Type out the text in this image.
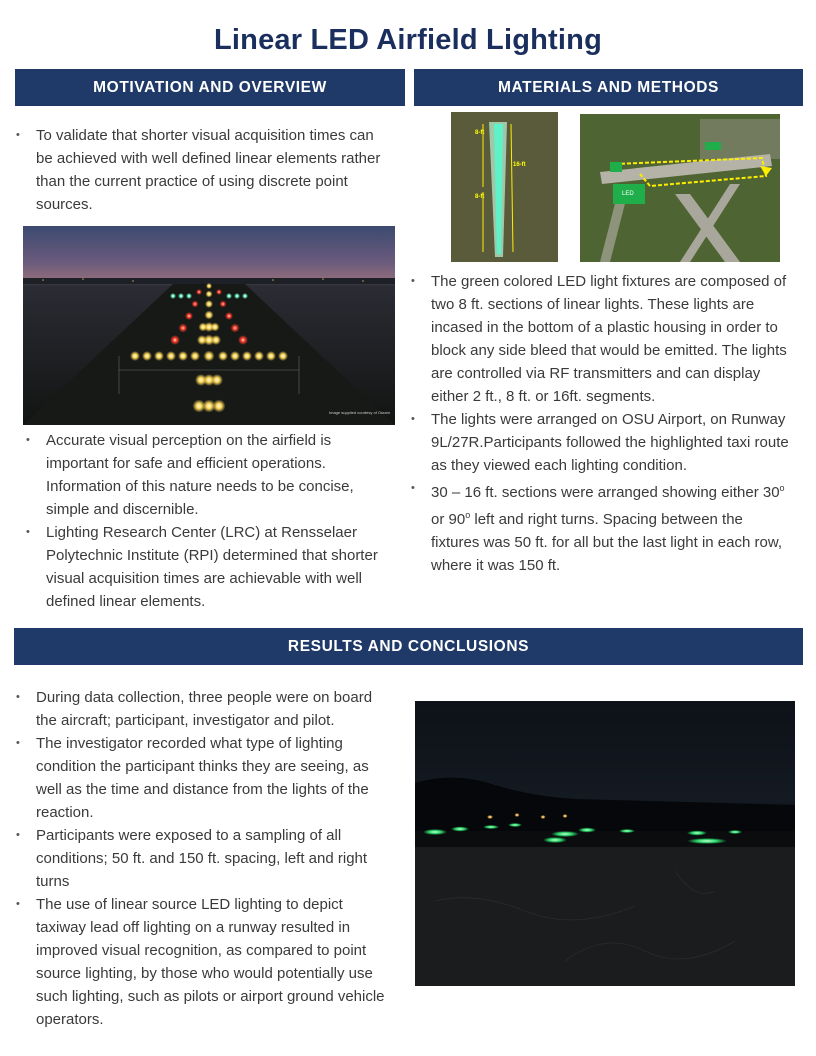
Linear LED Airfield Lighting
MOTIVATION AND OVERVIEW	MATERIALS AND METHODS
• To validate that shorter visual acquisition times can be achieved with well defined linear elements rather than the current practice of using discrete point sources.
Image supplied courtesy of Osram
• Accurate visual perception on the airfield is important for safe and efficient operations. Information of this nature needs to be concise, simple and discernible.
• Lighting Research Center (LRC) at Rensselaer Polytechnic Institute (RPI) determined that shorter visual acquisition times are achievable with well defined linear elements.
8-ft
16-ft
8-ft	LED
• The green colored LED light fixtures are composed of two 8 ft. sections of linear lights. These lights are incased in the bottom of a plastic housing in order to block any side bleed that would be emitted. The lights are controlled via RF transmitters and can display either 2 ft., 8 ft. or 16ft. segments.
• The lights were arranged on OSU Airport, on Runway 9L/27R.Participants followed the highlighted taxi route as they viewed each lighting condition.
• 30 – 16 ft. sections were arranged showing either 30$^o$ or 90$^o$ left and right turns. Spacing between the fixtures was 50 ft. for all but the last light in each row, where it was 150 ft.
RESULTS AND CONCLUSIONS
• During data collection, three people were on board the aircraft; participant, investigator and pilot.
• The investigator recorded what type of lighting condition the participant thinks they are seeing, as well as the time and distance from the lights of the reaction.
• Participants were exposed to a sampling of all conditions; 50 ft. and 150 ft. spacing, left and right turns
• The use of linear source LED lighting to depict taxiway lead off lighting on a runway resulted in improved visual recognition, as compared to point source lighting, by those who would potentially use such lighting, such as pilots or airport ground vehicle operators.
